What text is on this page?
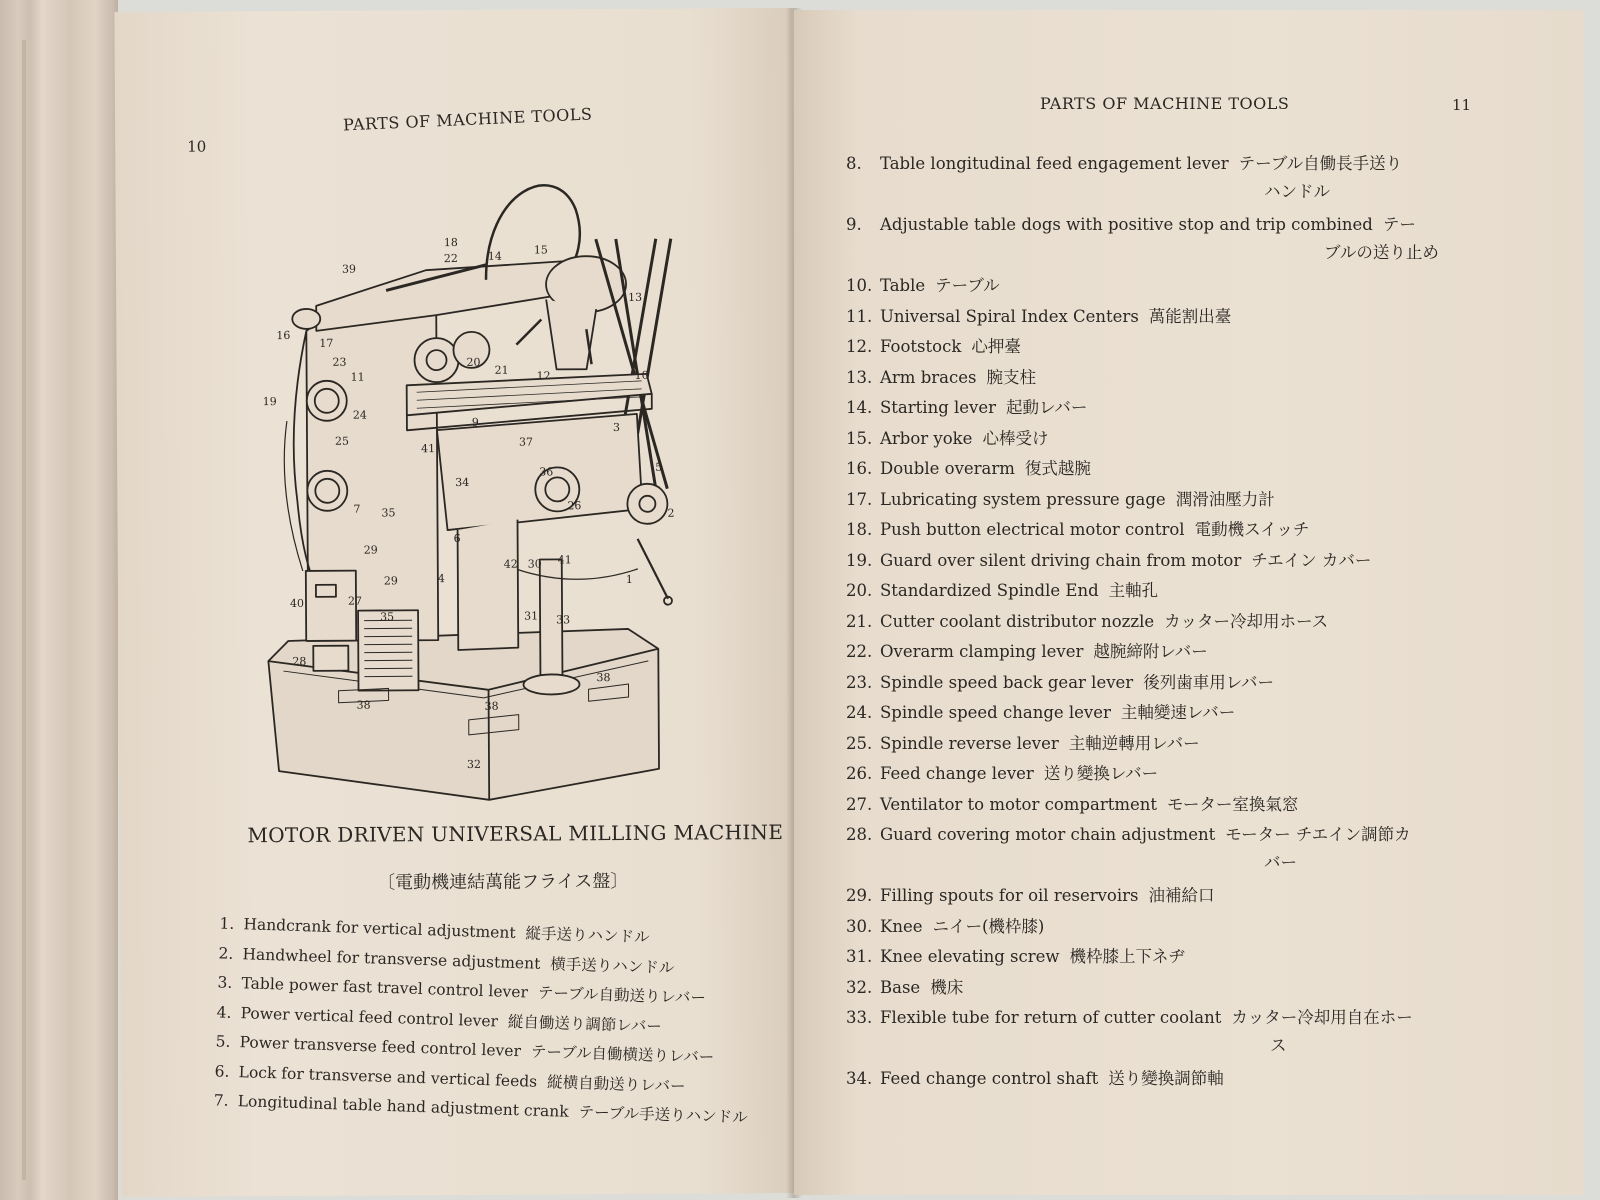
10
PARTS OF MACHINE TOOLS
39
18
22	14	15
13
16
17
23
11
20
21	12	10
19
24
25
9
37
3
41
34
36	5
7 35
26
2
29
42 30 41
6
4
29	1
40	27
31 33
35
28
38	38
38
32
MOTOR DRIVEN UNIVERSAL MILLING MACHINE
〔電動機連結萬能フライス盤〕
1. Handcrank for vertical adjustment 縦手送りハンドル
2. Handwheel for transverse adjustment 横手送りハンドル
3. Table power fast travel control lever テーブル自動送りレバー
4. Power vertical feed control lever 縦自働送り調節レバー
5. Power transverse feed control lever テーブル自働横送りレバー
6. Lock for transverse and vertical feeds 縦横自動送りレバー
7. Longitudinal table hand adjustment crank テーブル手送りハンドル
PARTS OF MACHINE TOOLS	11
8. Table longitudinal feed engagement lever テーブル自働長手送り
ハンドル
9. Adjustable table dogs with positive stop and trip combined テー
ブルの送り止め
10. Table テーブル
11. Universal Spiral Index Centers 萬能割出臺
12. Footstock 心押臺
13. Arm braces 腕支柱
14. Starting lever 起動レバー
15. Arbor yoke 心棒受け
16. Double overarm 復式越腕
17. Lubricating system pressure gage 潤滑油壓力計
18. Push button electrical motor control 電動機スイッチ
19. Guard over silent driving chain from motor チエイン カバー
20. Standardized Spindle End 主軸孔
21. Cutter coolant distributor nozzle カッター冷却用ホース
22. Overarm clamping lever 越腕締附レバー
23. Spindle speed back gear lever 後列歯車用レバー
24. Spindle speed change lever 主軸變速レバー
25. Spindle reverse lever 主軸逆轉用レバー
26. Feed change lever 送り變換レバー
27. Ventilator to motor compartment モーター室換氣窓
28. Guard covering motor chain adjustment モーター チエイン調節カ
バー
29. Filling spouts for oil reservoirs 油補給口
30. Knee ニイー(機枠膝)
31. Knee elevating screw 機枠膝上下ネヂ
32. Base 機床
33. Flexible tube for return of cutter coolant カッター冷却用自在ホー
ス
34. Feed change control shaft 送り變換調節軸
